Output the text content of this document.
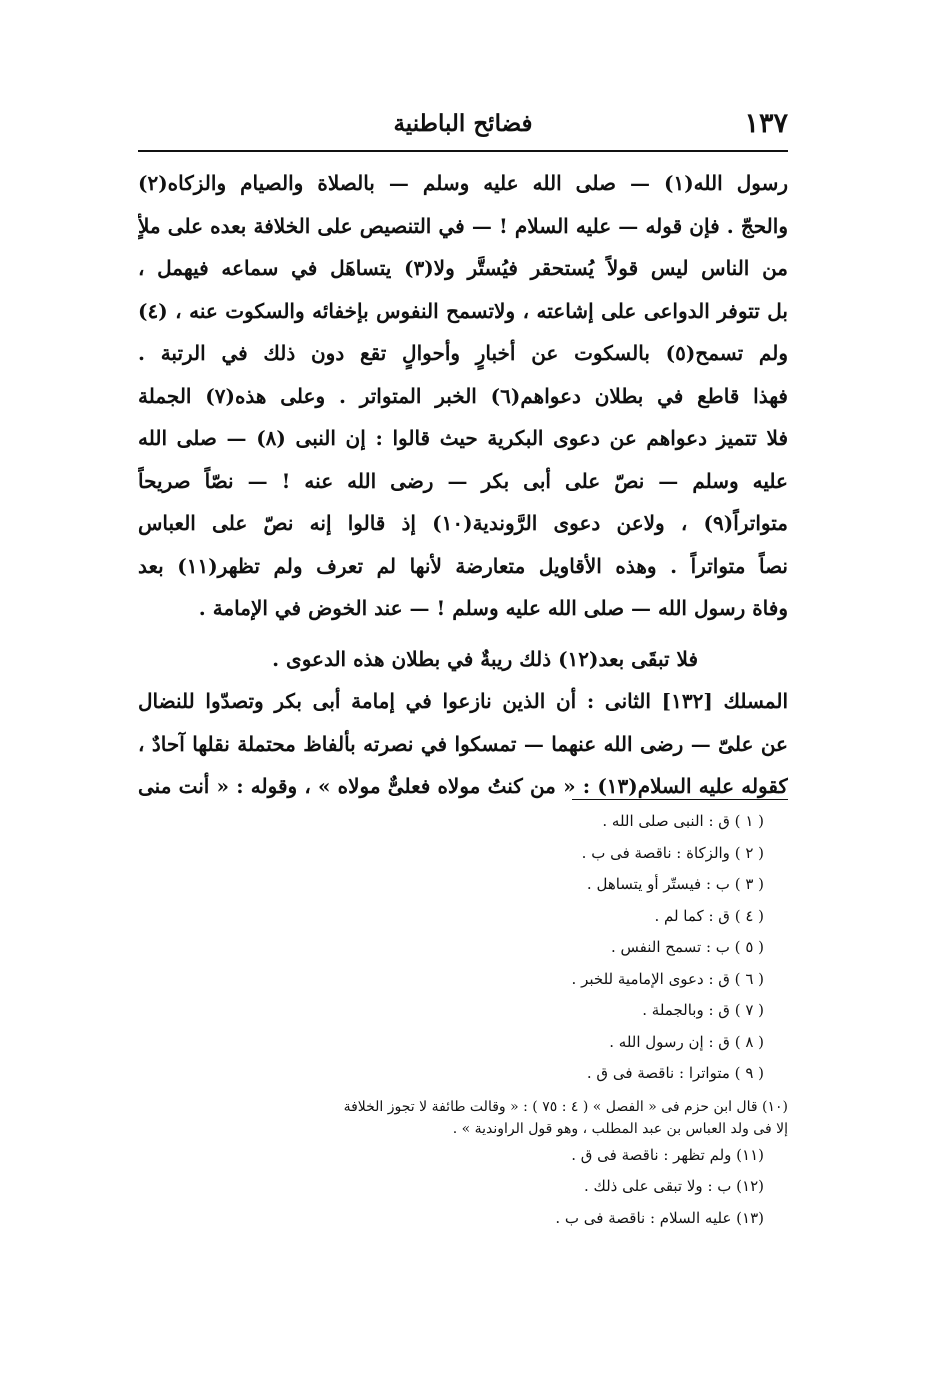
١٣٧
فضائح الباطنية
رسول الله(١) — صلى الله عليه وسلم — بالصلاة والصيام والزكاه(٢)
والحجّ . فإن قوله — عليه السلام ! — في التنصيص على الخلافة بعده على ملأٍ
من الناس ليس قولاً يُستحقر فيُستَّر ولا(٣) يتساهَل في سماعه فيهمل ،
بل تتوفر الدواعى على إشاعته ، ولاتسمح النفوس بإخفائه والسكوت عنه ، (٤)
ولم تسمح(٥) بالسكوت عن أخبارٍ وأحوالٍ تقع دون ذلك في الرتبة .
فهذا قاطع في بطلان دعواهم(٦) الخبر المتواتر . وعلى هذه(٧) الجملة
فلا تتميز دعواهم عن دعوى البكرية حيث قالوا : إن النبى (٨) — صلى الله
عليه وسلم — نصّ على أبى بكر — رضى الله عنه ! — نصّاً صريحاً
متواتراً(٩) ، ولاعن دعوى الرَّوندية(١٠) إذ قالوا إنه نصّ على العباس
نصاً متواتراً . وهذه الأقاويل متعارضة لأنها لم تعرف ولم تظهر(١١) بعد
وفاة رسول الله — صلى الله عليه وسلم ! — عند الخوض في الإمامة .
فلا تبقَى بعد(١٢) ذلك ريبةٌ في بطلان هذه الدعوى .
المسلك [١٣٢] الثانى : أن الذين نازعوا في إمامة أبى بكر وتصدّوا للنضال
عن علىّ — رضى الله عنهما — تمسكوا في نصرته بألفاظ محتملة نقلها آحادٌ ،
كقوله عليه السلام(١٣) : « من كنتُ مولاه فعلىٌّ مولاه » ، وقوله : « أنت منى
( ١ ) ق : النبى صلى الله .
( ٢ ) والزكاة : ناقصة فى ب .
( ٣ ) ب : فيستّر أو يتساهل .
( ٤ ) ق : كما لم .
( ٥ ) ب : تسمح النفس .
( ٦ ) ق : دعوى الإمامية للخبر .
( ٧ ) ق : وبالجملة .
( ٨ ) ق : إن رسول الله .
( ٩ ) متواترا : ناقصة فى ق .
(١٠) قال ابن حزم فى « الفصل » ( ٤ : ٧٥ ) : « وقالت طائفة لا تجوز الخلافة
إلا فى ولد العباس بن عبد المطلب ، وهو قول الراوندية » .
(١١) ولم تظهر : ناقصة فى ق .
(١٢) ب : ولا تبقى على ذلك .
(١٣) عليه السلام : ناقصة فى ب .
